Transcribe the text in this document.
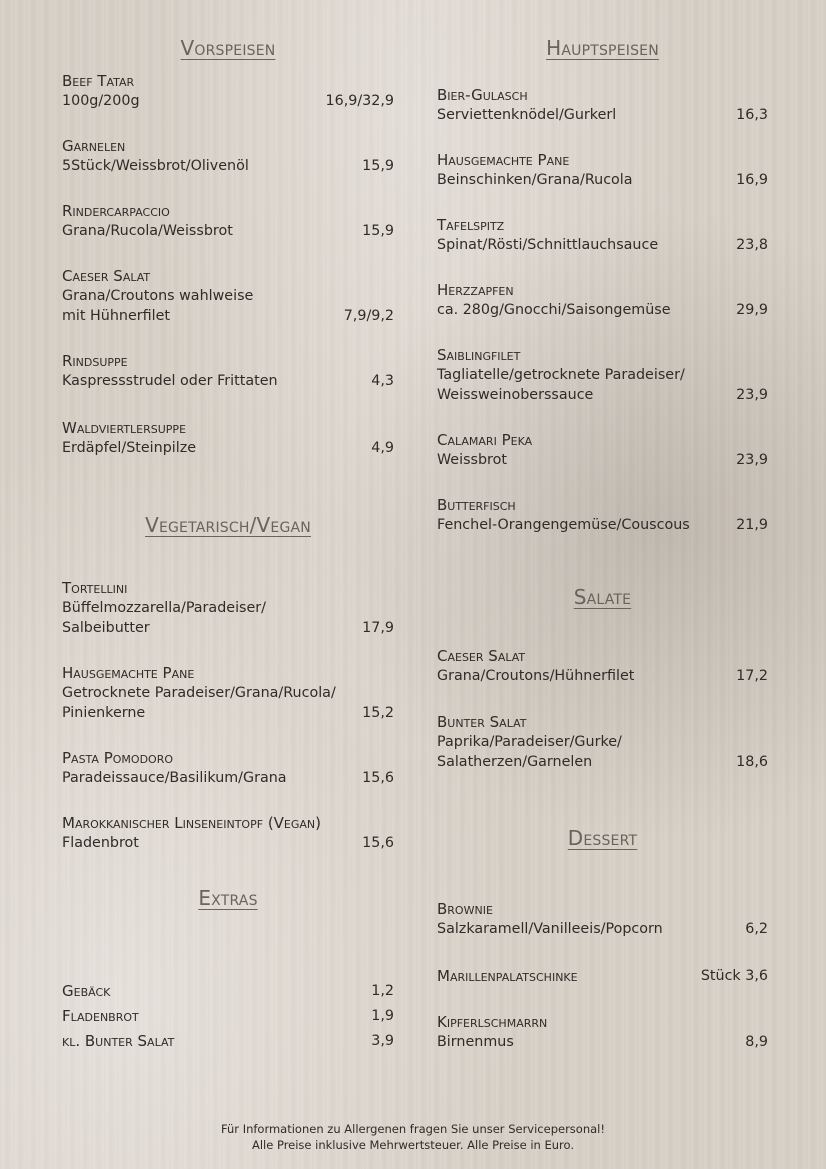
Vorspeisen
Beef Tatar
100g/200g	16,9/32,9
Garnelen
5Stück/Weissbrot/Olivenöl	15,9
Rindercarpaccio
Grana/Rucola/Weissbrot	15,9
Caeser Salat
Grana/Croutons wahlweise
mit Hühnerfilet	7,9/9,2
Rindsuppe
Kaspressstrudel oder Frittaten	4,3
Waldviertlersuppe
Erdäpfel/Steinpilze	4,9
Vegetarisch/Vegan
Tortellini
Büffelmozzarella/Paradeiser/
Salbeibutter	17,9
Hausgemachte Pane
Getrocknete Paradeiser/Grana/Rucola/
Pinienkerne	15,2
Pasta Pomodoro
Paradeissauce/Basilikum/Grana	15,6
Marokkanischer Linseneintopf (Vegan)
Fladenbrot	15,6
Extras
Gebäck	1,2
Fladenbrot	1,9
kl. Bunter Salat	3,9
Hauptspeisen
Bier-Gulasch
Serviettenknödel/Gurkerl	16,3
Hausgemachte Pane
Beinschinken/Grana/Rucola	16,9
Tafelspitz
Spinat/Rösti/Schnittlauchsauce	23,8
Herzzapfen
ca. 280g/Gnocchi/Saisongemüse	29,9
Saiblingfilet
Tagliatelle/getrocknete Paradeiser/
Weissweinoberssauce	23,9
Calamari Peka
Weissbrot	23,9
Butterfisch
Fenchel-Orangengemüse/Couscous	21,9
Salate
Caeser Salat
Grana/Croutons/Hühnerfilet	17,2
Bunter Salat
Paprika/Paradeiser/Gurke/
Salatherzen/Garnelen	18,6
Dessert
Brownie
Salzkaramell/Vanilleeis/Popcorn	6,2
Marillenpalatschinke	Stück 3,6
Kipferlschmarrn
Birnenmus	8,9
Für Informationen zu Allergenen fragen Sie unser Servicepersonal!
Alle Preise inklusive Mehrwertsteuer. Alle Preise in Euro.
